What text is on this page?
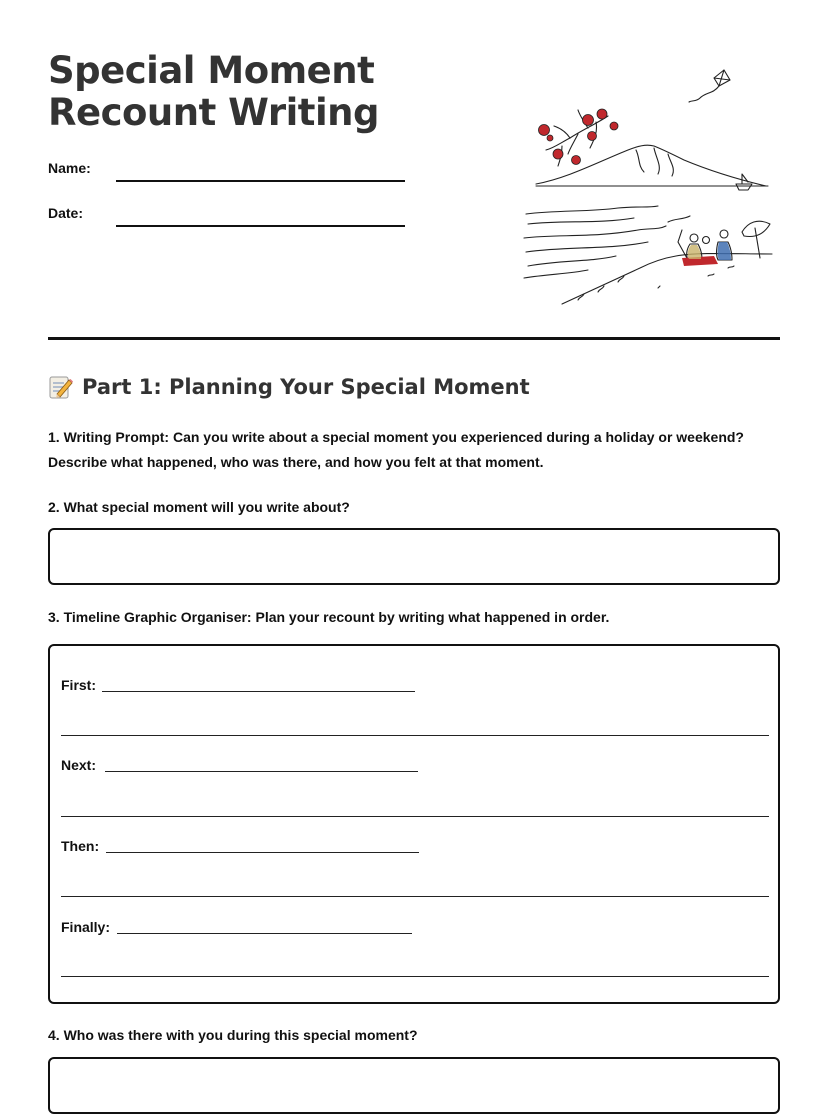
Special Moment
Recount Writing
Name:
Date:
Part 1: Planning Your Special Moment

1. Writing Prompt: Can you write about a special moment you experienced during a holiday or weekend? Describe what happened, who was there, and how you felt at that moment.

2. What special moment will you write about?

3. Timeline Graphic Organiser: Plan your recount by writing what happened in order.

First:
Next:
Then:
Finally:

4. Who was there with you during this special moment?
